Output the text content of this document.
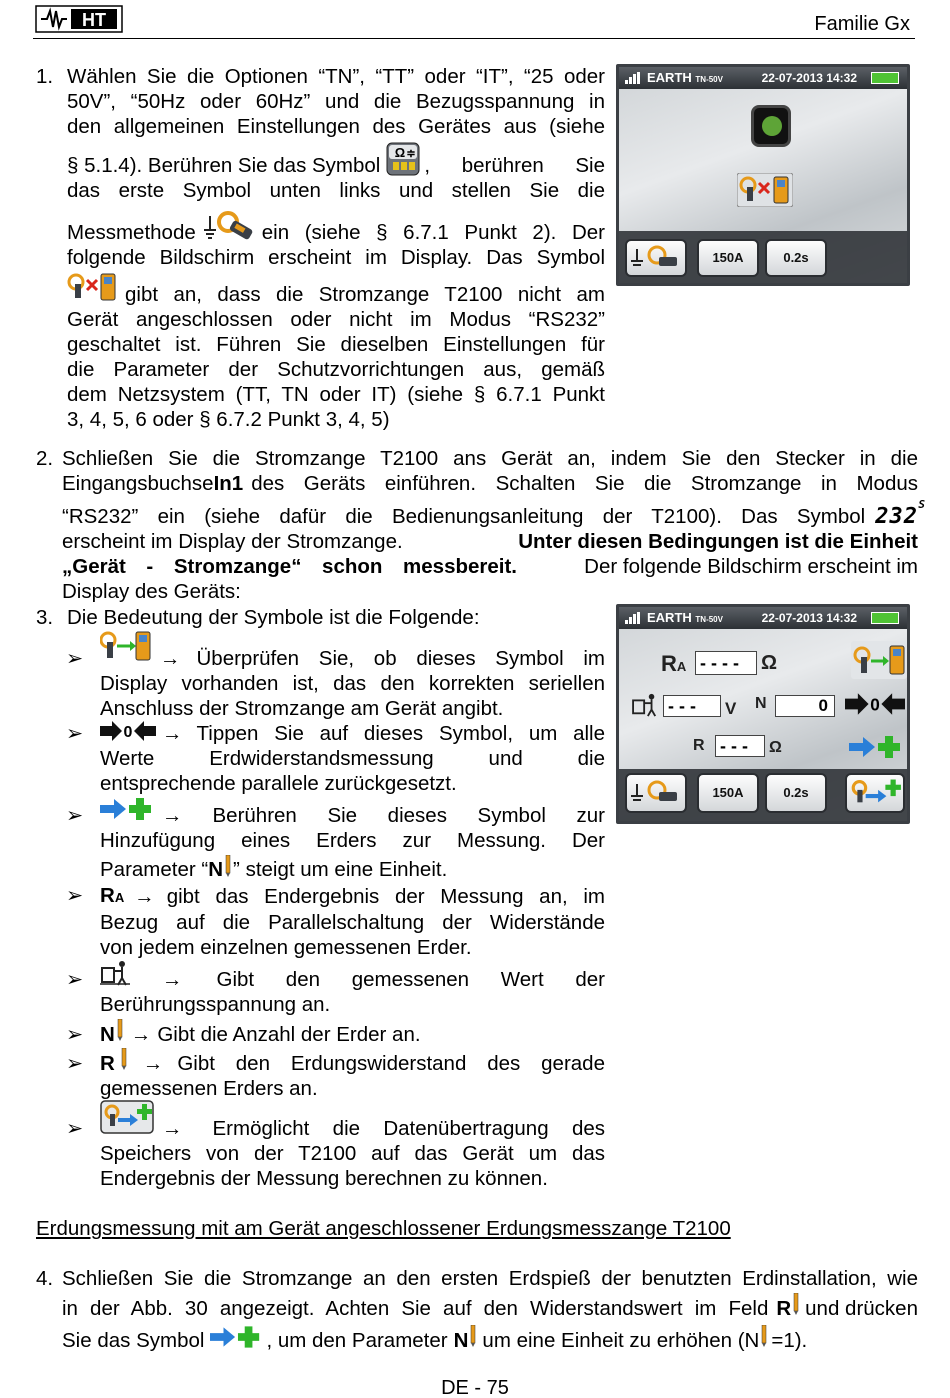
HT	Familie Gx
1. Wählen Sie die Optionen “TN”, “TT” oder “IT”, “25 oder
50V”, “50Hz oder 60Hz” und die Bezugsspannung in
den allgemeinen Einstellungen des Gerätes aus (siehe
§ 5.1.4). Berühren Sie das Symbol
Ω ≑
, berühren Sie
das erste Symbol unten links und stellen Sie die
Messmethode	ein (siehe § 6.7.1 Punkt 2). Der
folgende Bildschirm erscheint im Display. Das Symbol
gibt an, dass die Stromzange T2100 nicht am
Gerät angeschlossen oder nicht im Modus “RS232”
geschaltet ist. Führen Sie dieselben Einstellungen für
die Parameter der Schutzvorrichtungen aus, gemäß
dem Netzsystem (TT, TN oder IT) (siehe § 6.7.1 Punkt
3, 4, 5, 6 oder § 6.7.2 Punkt 3, 4, 5)
EARTH TN-50V	22-07-2013 14:32
150A	0.2s
2. Schließen Sie die Stromzange T2100 ans Gerät an, indem Sie den Stecker in die
Eingangsbuchse In1 des Geräts einführen. Schalten Sie die Stromzange in Modus
“RS232” ein (siehe dafür die Bedienungsanleitung der T2100). Das Symbol 232 S
erscheint im Display der Stromzange.	Unter diesen Bedingungen ist die Einheit
„Gerät - Stromzange“ schon messbereit.	Der folgende Bildschirm erscheint im
Display des Geräts:
3. Die Bedeutung der Symbole ist die Folgende:
➢	→ Überprüfen Sie, ob dieses Symbol im
Display vorhanden ist, das den korrekten seriellen
Anschluss der Stromzange am Gerät angibt.
➢	0 → Tippen Sie auf dieses Symbol, um alle
Werte Erdwiderstandsmessung und die
entsprechende parallele zurückgesetzt.
➢	→ Berühren Sie dieses Symbol zur
Hinzufügung eines Erders zur Messung. Der
Parameter “N ” steigt um eine Einheit.
➢ RA → gibt das Endergebnis der Messung an, im
Bezug auf die Parallelschaltung der Widerstände
von jedem einzelnen gemessenen Erder.
➢	→ Gibt den gemessenen Wert der
Berührungsspannung an.
➢ N → Gibt die Anzahl der Erder an.
➢ R → Gibt den Erdungswiderstand des gerade
gemessenen Erders an.
➢	→ Ermöglicht die Datenübertragung des
Speichers von der T2100 auf das Gerät um das
Endergebnis der Messung berechnen zu können.
EARTH TN-50V	22-07-2013 14:32
RA - - - -	Ω
- - -	V N	0	0
R - - -	Ω
150A	0.2s
Erdungsmessung mit am Gerät angeschlossener Erdungsmesszange T2100
4. Schließen Sie die Stromzange an den ersten Erdspieß der benutzten Erdinstallation, wie
in der Abb. 30 angezeigt. Achten Sie auf den Widerstandswert im Feld R und drücken
Sie das Symbol	, um den Parameter N um eine Einheit zu erhöhen (N =1).
DE - 75
